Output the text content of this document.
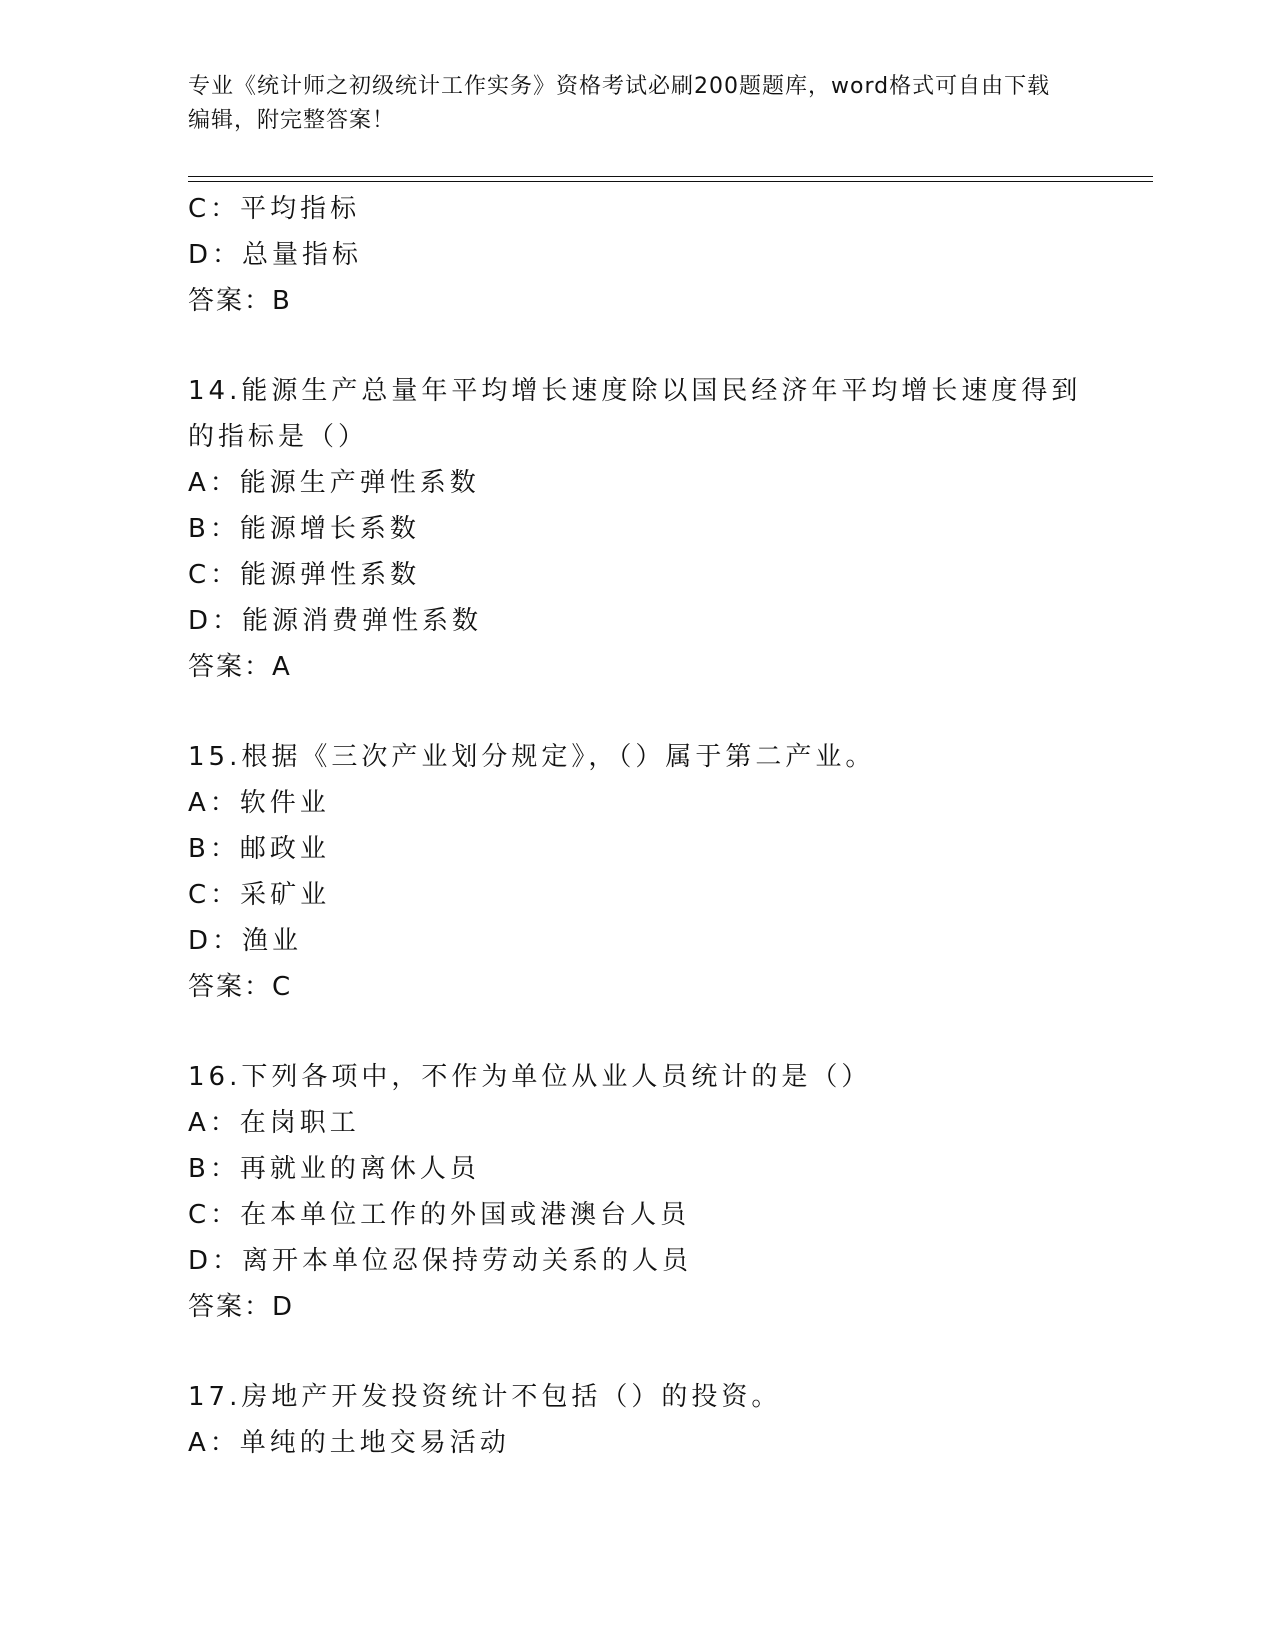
专业《统计师之初级统计工作实务》资格考试必刷200题题库，word格式可自由下载编辑，附完整答案！
C：平均指标
D：总量指标
答案：B
14.能源生产总量年平均增长速度除以国民经济年平均增长速度得到的指标是（）
A：能源生产弹性系数
B：能源增长系数
C：能源弹性系数
D：能源消费弹性系数
答案：A
15.根据《三次产业划分规定》，（）属于第二产业。
A：软件业
B：邮政业
C：采矿业
D：渔业
答案：C
16.下列各项中，不作为单位从业人员统计的是（）
A：在岗职工
B：再就业的离休人员
C：在本单位工作的外国或港澳台人员
D：离开本单位忍保持劳动关系的人员
答案：D
17.房地产开发投资统计不包括（）的投资。
A：单纯的土地交易活动
